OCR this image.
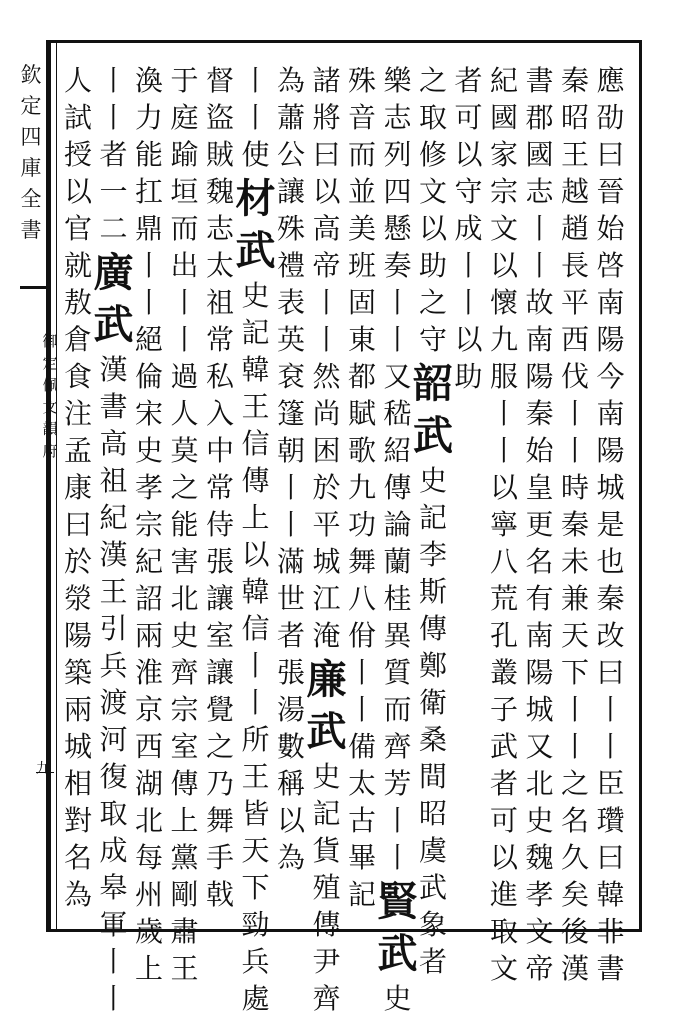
欽
定
四
庫
全
書
御
定
佩
文
韻
府
九
應
劭
曰
晉
始
啓
南
陽
今
南
陽
城
是
也
秦
改
曰
丨
丨
臣
瓚
曰
韓
非
書
秦
昭
王
越
趙
長
平
西
伐
丨
丨
時
秦
未
兼
天
下
丨
丨
之
名
久
矣
後
漢
書
郡
國
志
丨
丨
故
南
陽
秦
始
皇
更
名
有
南
陽
城
又
北
史
魏
孝
文
帝
紀
國
家
宗
文
以
懷
九
服
丨
丨
以
寧
八
荒
孔
叢
子
武
者
可
以
進
取
文
者
可
以
守
成
丨
丨
以
助
之
取
修
文
以
助
之
守
韶
武
史
記
李
斯
傳
鄭
衛
桑
間
昭
虞
武
象
者
樂
志
列
四
懸
奏
丨
丨
又
嵇
紹
傳
論
蘭
桂
異
質
而
齊
芳
丨
丨
賢
武
史
殊
音
而
並
美
班
固
東
都
賦
歌
九
功
舞
八
佾
丨
丨
備
太
古
畢
記
諸
將
曰
以
高
帝
丨
丨
然
尚
困
於
平
城
江
淹
廉
武
史
記
貨
殖
傳
尹
齊
為
蕭
公
讓
殊
禮
表
英
袞
篷
朝
丨
丨
滿
世
者
張
湯
數
稱
以
為
丨
丨
使
材
武
史
記
韓
王
信
傳
上
以
韓
信
丨
丨
所
王
皆
天
下
勁
兵
處
督
盜
賊
魏
志
太
祖
常
私
入
中
常
侍
張
讓
室
讓
覺
之
乃
舞
手
戟
于
庭
踰
垣
而
出
丨
丨
過
人
莫
之
能
害
北
史
齊
宗
室
傳
上
黨
剛
肅
王
渙
力
能
扛
鼎
丨
丨
絕
倫
宋
史
孝
宗
紀
詔
兩
淮
京
西
湖
北
每
州
歲
上
丨
丨
者
一
二
廣
武
漢
書
高
祖
紀
漢
王
引
兵
渡
河
復
取
成
皋
軍
丨
丨
人
試
授
以
官
就
敖
倉
食
注
孟
康
曰
於
滎
陽
築
兩
城
相
對
名
為
